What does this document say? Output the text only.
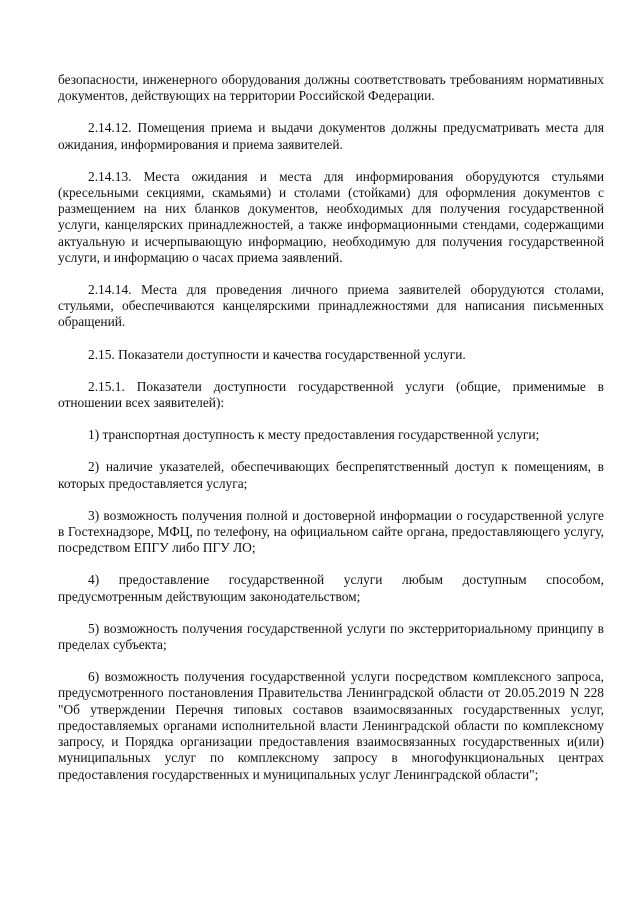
безопасности, инженерного оборудования должны соответствовать требованиям нормативных документов, действующих на территории Российской Федерации.

2.14.12. Помещения приема и выдачи документов должны предусматривать места для ожидания, информирования и приема заявителей.

2.14.13. Места ожидания и места для информирования оборудуются стульями (кресельными секциями, скамьями) и столами (стойками) для оформления документов с размещением на них бланков документов, необходимых для получения государственной услуги, канцелярских принадлежностей, а также информационными стендами, содержащими актуальную и исчерпывающую информацию, необходимую для получения государственной услуги, и информацию о часах приема заявлений.

2.14.14. Места для проведения личного приема заявителей оборудуются столами, стульями, обеспечиваются канцелярскими принадлежностями для написания письменных обращений.

2.15. Показатели доступности и качества государственной услуги.

2.15.1. Показатели доступности государственной услуги (общие, применимые в отношении всех заявителей):

1) транспортная доступность к месту предоставления государственной услуги;

2) наличие указателей, обеспечивающих беспрепятственный доступ к помещениям, в которых предоставляется услуга;

3) возможность получения полной и достоверной информации о государственной услуге в Гостехнадзоре, МФЦ, по телефону, на официальном сайте органа, предоставляющего услугу, посредством ЕПГУ либо ПГУ ЛО;

4) предоставление государственной услуги любым доступным способом, предусмотренным действующим законодательством;

5) возможность получения государственной услуги по экстерриториальному принципу в пределах субъекта;

6) возможность получения государственной услуги посредством комплексного запроса, предусмотренного постановления Правительства Ленинградской области от 20.05.2019 N 228 "Об утверждении Перечня типовых составов взаимосвязанных государственных услуг, предоставляемых органами исполнительной власти Ленинградской области по комплексному запросу, и Порядка организации предоставления взаимосвязанных государственных и(или) муниципальных услуг по комплексному запросу в многофункциональных центрах предоставления государственных и муниципальных услуг Ленинградской области";
